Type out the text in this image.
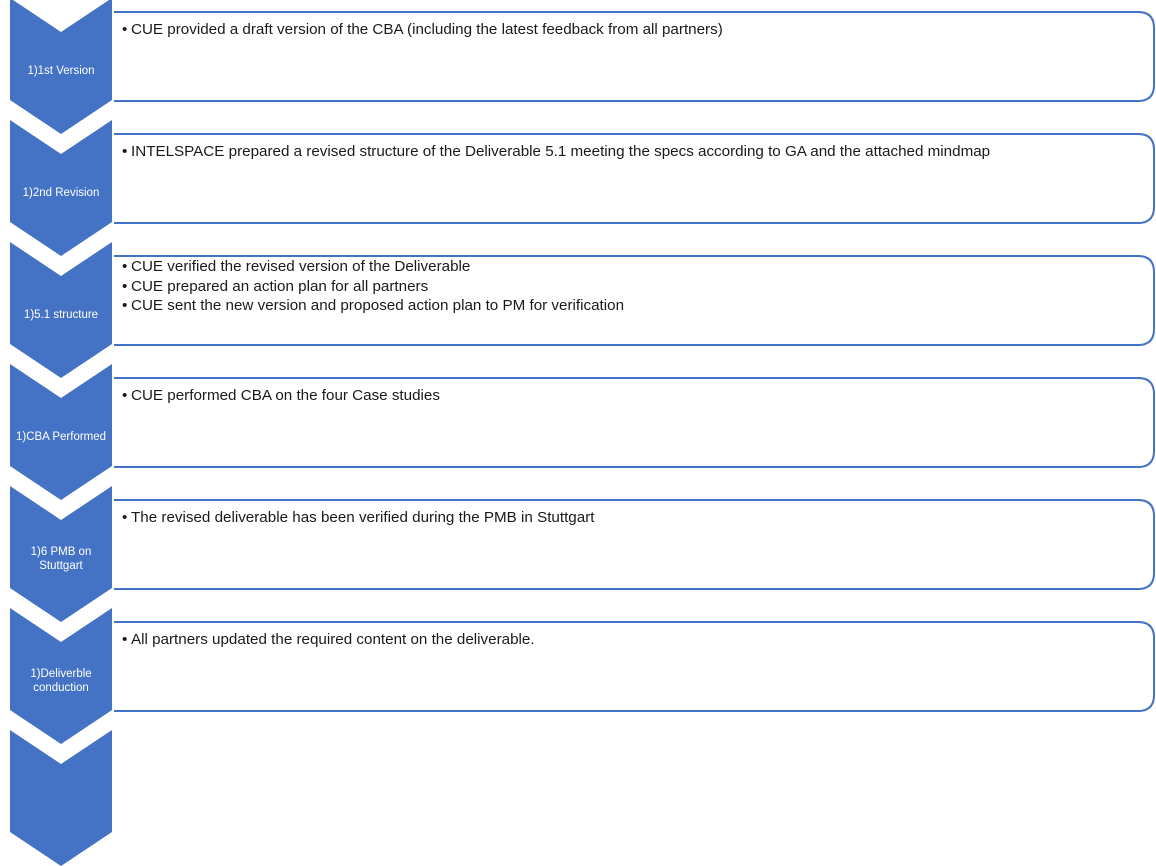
1)1st Version
• CUE provided a draft version of the CBA (including the latest feedback from all partners)
1)2nd Revision
• INTELSPACE prepared a revised structure of the Deliverable 5.1 meeting the specs according to GA and the attached mindmap
1)5.1 structure
• CUE verified the revised version of the Deliverable
• CUE prepared an action plan for all partners
• CUE sent the new version and proposed action plan to PM for verification
1)CBA Performed
• CUE performed CBA on the four Case studies
1)6 PMB on Stuttgart
• The revised deliverable has been verified during the PMB in Stuttgart
1)Deliverble conduction
• All partners updated the required content on the deliverable.
